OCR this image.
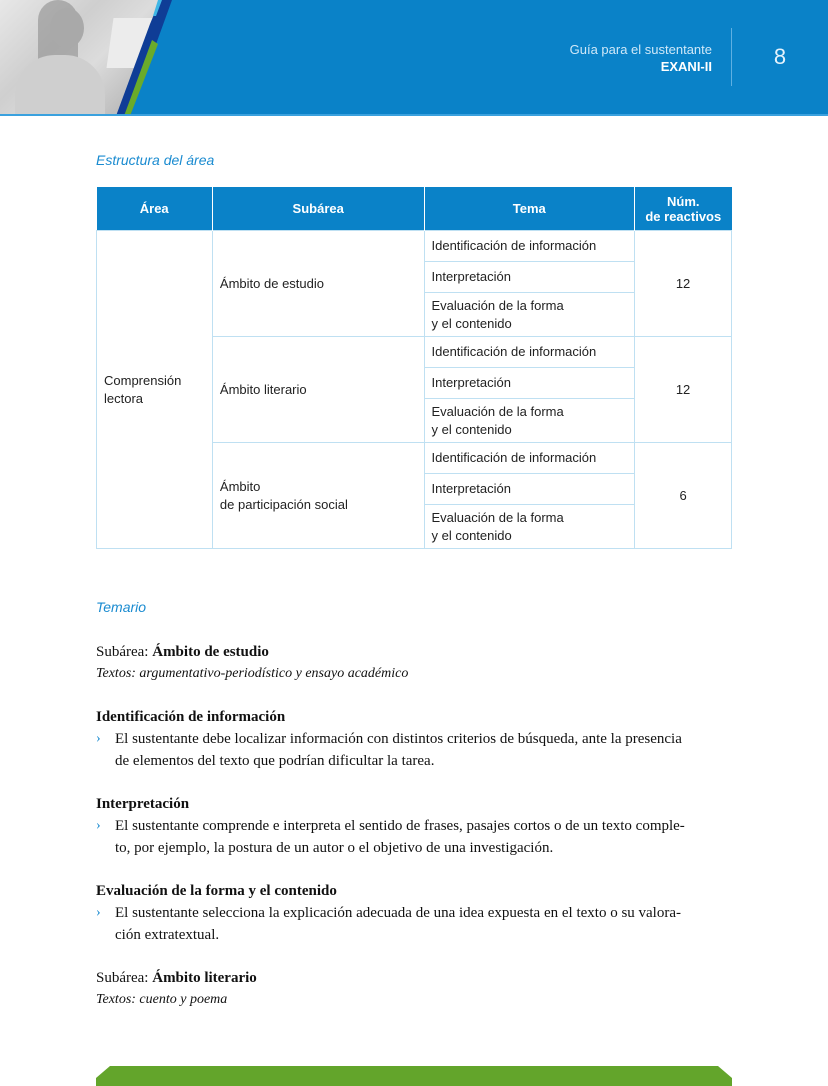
Guía para el sustentante
EXANI-II	8
Estructura del área
Área	Subárea	Tema	Núm.
de reactivos

Comprensión
lectora	Ámbito de estudio	Identificación de información	12
		Interpretación	

		Evaluación de la forma
y el contenido	

	Ámbito literario	Identificación de información	12
		Interpretación	

		Evaluación de la forma
y el contenido	

	Ámbito
de participación social	Identificación de información	6
		Interpretación	

		Evaluación de la forma
y el contenido	
Temario
Subárea: Ámbito de estudio
Textos: argumentativo-periodístico y ensayo académico
Identificación de información
› El sustentante debe localizar información con distintos criterios de búsqueda, ante la presencia
de elementos del texto que podrían dificultar la tarea.
Interpretación
› El sustentante comprende e interpreta el sentido de frases, pasajes cortos o de un texto comple-
to, por ejemplo, la postura de un autor o el objetivo de una investigación.
Evaluación de la forma y el contenido
› El sustentante selecciona la explicación adecuada de una idea expuesta en el texto o su valora-
ción extratextual.
Subárea: Ámbito literario
Textos: cuento y poema
